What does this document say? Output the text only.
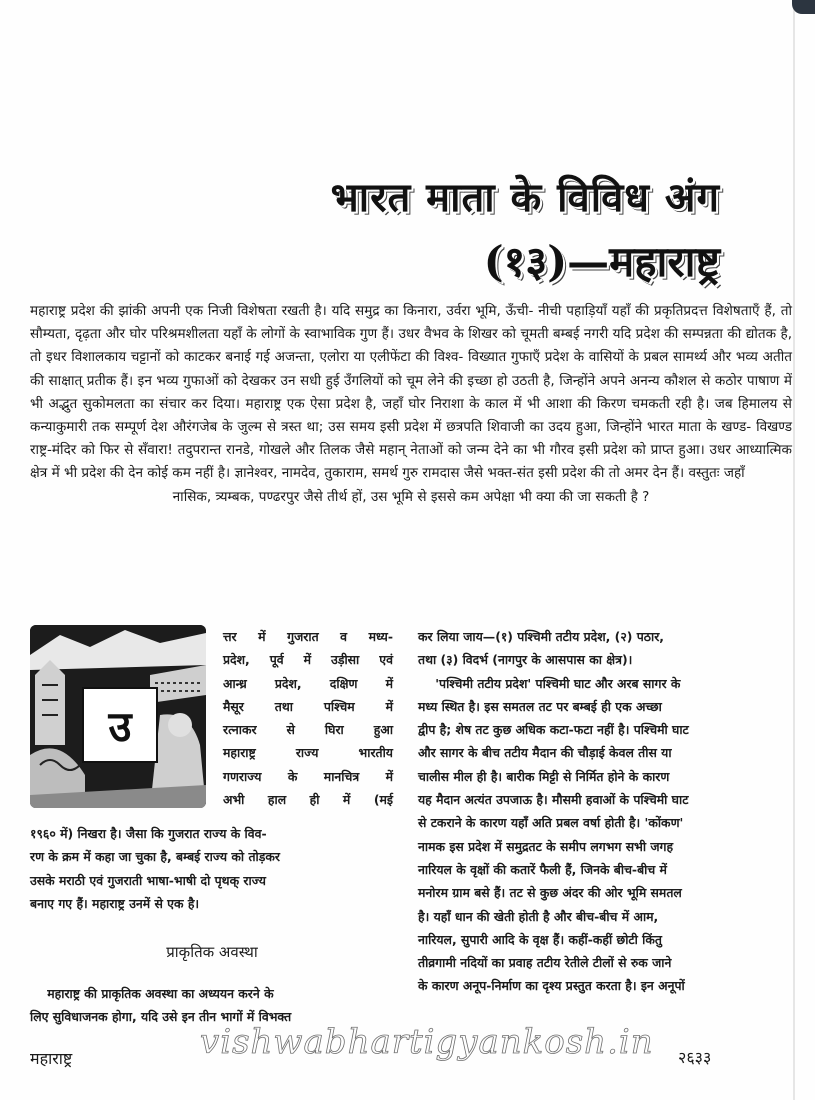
भारत माता के विविध अंग
(१३)—महाराष्ट्र
महाराष्ट्र प्रदेश की झांकी अपनी एक निजी विशेषता रखती है। यदि समुद्र का किनारा, उर्वरा भूमि, ऊँची- नीची पहाड़ियाँ यहाँ की प्रकृतिप्रदत्त विशेषताएँ हैं, तो सौम्यता, दृढ़ता और घोर परिश्रमशीलता यहाँ के लोगों के स्वाभाविक गुण हैं। उधर वैभव के शिखर को चूमती बम्बई नगरी यदि प्रदेश की सम्पन्नता की द्योतक है, तो इधर विशालकाय चट्टानों को काटकर बनाई गई अजन्ता, एलोरा या एलीफेंटा की विश्व- विख्यात गुफाएँ प्रदेश के वासियों के प्रबल सामर्थ्य और भव्य अतीत की साक्षात् प्रतीक हैं। इन भव्य गुफाओं को देखकर उन सधी हुई उँगलियों को चूम लेने की इच्छा हो उठती है, जिन्होंने अपने अनन्य कौशल से कठोर पाषाण में भी अद्भुत सुकोमलता का संचार कर दिया। महाराष्ट्र एक ऐसा प्रदेश है, जहाँ घोर निराशा के काल में भी आशा की किरण चमकती रही है। जब हिमालय से कन्याकुमारी तक सम्पूर्ण देश औरंगजेब के जुल्म से त्रस्त था; उस समय इसी प्रदेश में छत्रपति शिवाजी का उदय हुआ, जिन्होंने भारत माता के खण्ड- विखण्ड राष्ट्र-मंदिर को फिर से सँवारा! तदुपरान्त रानडे, गोखले और तिलक जैसे महान् नेताओं को जन्म देने का भी गौरव इसी प्रदेश को प्राप्त हुआ। उधर आध्यात्मिक क्षेत्र में भी प्रदेश की देन कोई कम नहीं है। ज्ञानेश्वर, नामदेव, तुकाराम, समर्थ गुरु रामदास जैसे भक्त-संत इसी प्रदेश की तो अमर देन हैं। वस्तुतः जहाँ
नासिक, त्र्यम्बक, पण्ढरपुर जैसे तीर्थ हों, उस भूमि से इससे कम अपेक्षा भी क्या की जा सकती है ?
उ
त्तर में गुजरात व मध्य-
प्रदेश, पूर्व में उड़ीसा एवं
आन्ध्र प्रदेश, दक्षिण में
मैसूर तथा पश्चिम में
रत्नाकर से घिरा हुआ
महाराष्ट्र राज्य भारतीय
गणराज्य के मानचित्र में
अभी हाल ही में (मई
१९६० में) निखरा है। जैसा कि गुजरात राज्य के विव-
रण के क्रम में कहा जा चुका है, बम्बई राज्य को तोड़कर
उसके मराठी एवं गुजराती भाषा-भाषी दो पृथक् राज्य
बनाए गए हैं। महाराष्ट्र उनमें से एक है।
प्राकृतिक अवस्था
महाराष्ट्र की प्राकृतिक अवस्था का अध्ययन करने के
लिए सुविधाजनक होगा, यदि उसे इन तीन भागों में विभक्त
कर लिया जाय—(१) पश्चिमी तटीय प्रदेश, (२) पठार,
तथा (३) विदर्भ (नागपुर के आसपास का क्षेत्र)।
'पश्चिमी तटीय प्रदेश' पश्चिमी घाट और अरब सागर के
मध्य स्थित है। इस समतल तट पर बम्बई ही एक अच्छा
द्वीप है; शेष तट कुछ अधिक कटा-फटा नहीं है। पश्चिमी घाट
और सागर के बीच तटीय मैदान की चौड़ाई केवल तीस या
चालीस मील ही है। बारीक मिट्टी से निर्मित होने के कारण
यह मैदान अत्यंत उपजाऊ है। मौसमी हवाओं के पश्चिमी घाट
से टकराने के कारण यहाँ अति प्रबल वर्षा होती है। 'कोंकण'
नामक इस प्रदेश में समुद्रतट के समीप लगभग सभी जगह
नारियल के वृक्षों की कतारें फैली हैं, जिनके बीच-बीच में
मनोरम ग्राम बसे हैं। तट से कुछ अंदर की ओर भूमि समतल
है। यहाँ धान की खेती होती है और बीच-बीच में आम,
नारियल, सुपारी आदि के वृक्ष हैं। कहीं-कहीं छोटी किंतु
तीव्रगामी नदियों का प्रवाह तटीय रेतीले टीलों से रुक जाने
के कारण अनूप-निर्माण का दृश्य प्रस्तुत करता है। इन अनूपों
vishwabhartigyankosh.in
महाराष्ट्र	२६३३
